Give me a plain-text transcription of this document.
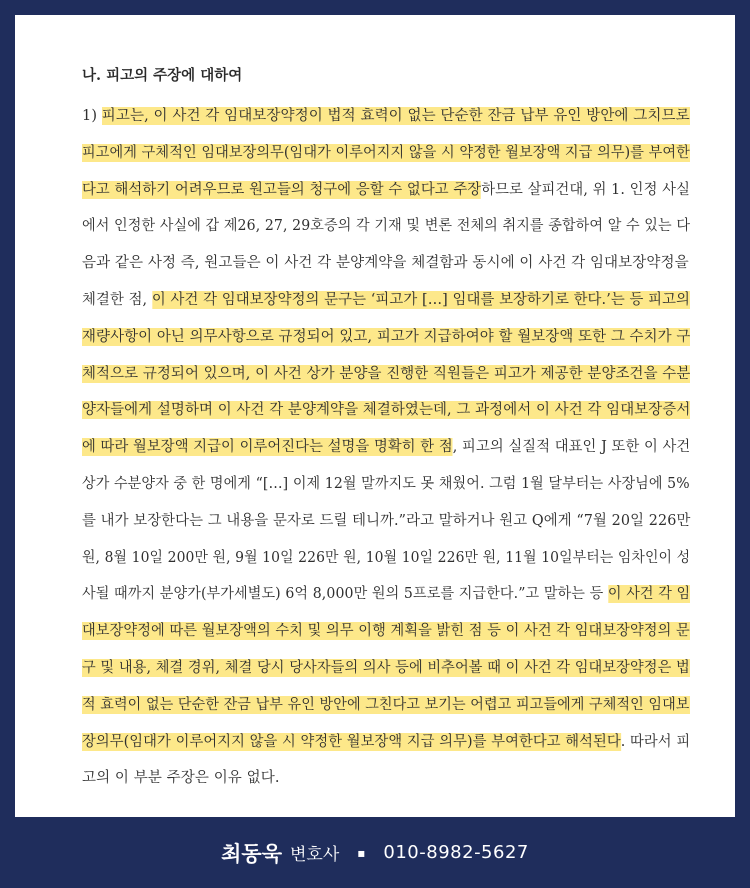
나. 피고의 주장에 대하여
1) 피고는, 이 사건 각 임대보장약정이 법적 효력이 없는 단순한 잔금 납부 유인 방안에 그치므로
피고에게 구체적인 임대보장의무(임대가 이루어지지 않을 시 약정한 월보장액 지급 의무)를 부여한
다고 해석하기 어려우므로 원고들의 청구에 응할 수 없다고 주장하므로 살피건대, 위 1. 인정 사실
에서 인정한 사실에 갑 제26, 27, 29호증의 각 기재 및 변론 전체의 취지를 종합하여 알 수 있는 다
음과 같은 사정 즉, 원고들은 이 사건 각 분양계약을 체결함과 동시에 이 사건 각 임대보장약정을
체결한 점, 이 사건 각 임대보장약정의 문구는 ‘피고가 […] 임대를 보장하기로 한다.’는 등 피고의
재량사항이 아닌 의무사항으로 규정되어 있고, 피고가 지급하여야 할 월보장액 또한 그 수치가 구
체적으로 규정되어 있으며, 이 사건 상가 분양을 진행한 직원들은 피고가 제공한 분양조건을 수분
양자들에게 설명하며 이 사건 각 분양계약을 체결하였는데, 그 과정에서 이 사건 각 임대보장증서
에 따라 월보장액 지급이 이루어진다는 설명을 명확히 한 점, 피고의 실질적 대표인 J 또한 이 사건
상가 수분양자 중 한 명에게 “[…] 이제 12월 말까지도 못 채웠어. 그럼 1월 달부터는 사장님에 5%
를 내가 보장한다는 그 내용을 문자로 드릴 테니까.”라고 말하거나 원고 Q에게 “7월 20일 226만
원, 8월 10일 200만 원, 9월 10일 226만 원, 10월 10일 226만 원, 11월 10일부터는 임차인이 성
사될 때까지 분양가(부가세별도) 6억 8,000만 원의 5프로를 지급한다.”고 말하는 등 이 사건 각 임
대보장약정에 따른 월보장액의 수치 및 의무 이행 계획을 밝힌 점 등 이 사건 각 임대보장약정의 문
구 및 내용, 체결 경위, 체결 당시 당사자들의 의사 등에 비추어볼 때 이 사건 각 임대보장약정은 법
적 효력이 없는 단순한 잔금 납부 유인 방안에 그친다고 보기는 어렵고 피고들에게 구체적인 임대보
장의무(임대가 이루어지지 않을 시 약정한 월보장액 지급 의무)를 부여한다고 해석된다. 따라서 피
고의 이 부분 주장은 이유 없다.
최동욱 변호사 ▪ 010-8982-5627
